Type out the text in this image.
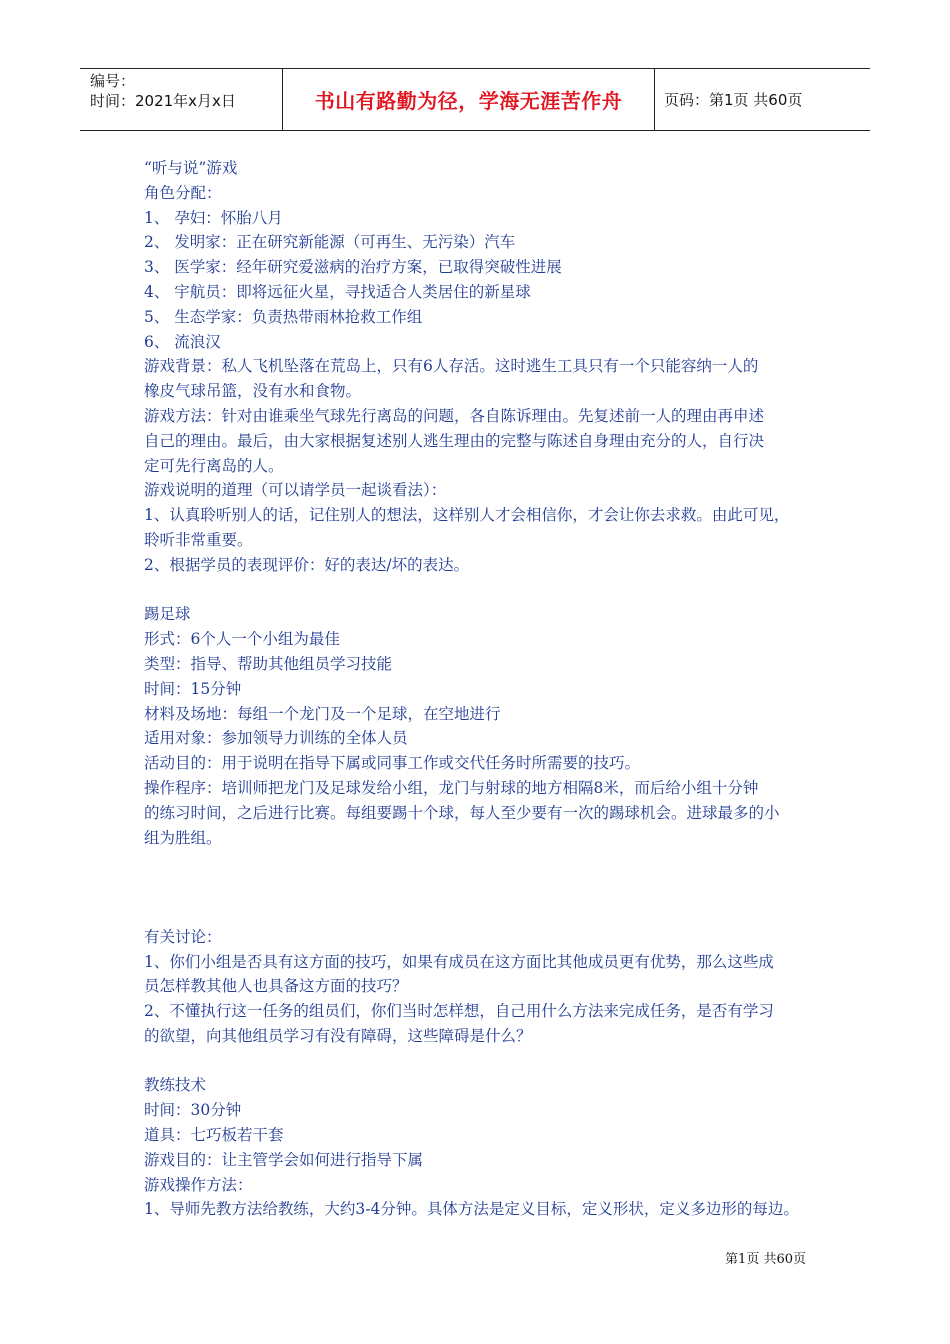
编号：
时间：2021年x月x日	书山有路勤为径，学海无涯苦作舟	页码：第1页 共60页
“听与说”游戏
角色分配：
1、 孕妇：怀胎八月
2、 发明家：正在研究新能源（可再生、无污染）汽车
3、 医学家：经年研究爱滋病的治疗方案，已取得突破性进展
4、 宇航员：即将远征火星，寻找适合人类居住的新星球
5、 生态学家：负责热带雨林抢救工作组
6、 流浪汉
游戏背景：私人飞机坠落在荒岛上，只有6人存活。这时逃生工具只有一个只能容纳一人的
橡皮气球吊篮，没有水和食物。
游戏方法：针对由谁乘坐气球先行离岛的问题，各自陈诉理由。先复述前一人的理由再申述
自己的理由。最后，由大家根据复述别人逃生理由的完整与陈述自身理由充分的人，自行决
定可先行离岛的人。
游戏说明的道理（可以请学员一起谈看法）：
1、认真聆听别人的话，记住别人的想法，这样别人才会相信你，才会让你去求救。由此可见，
聆听非常重要。
2、根据学员的表现评价：好的表达/坏的表达。
踢足球
形式：6个人一个小组为最佳
类型：指导、帮助其他组员学习技能
时间：15分钟
材料及场地：每组一个龙门及一个足球，在空地进行
适用对象：参加领导力训练的全体人员
活动目的：用于说明在指导下属或同事工作或交代任务时所需要的技巧。
操作程序：培训师把龙门及足球发给小组，龙门与射球的地方相隔8米，而后给小组十分钟
的练习时间，之后进行比赛。每组要踢十个球，每人至少要有一次的踢球机会。进球最多的小
组为胜组。
有关讨论：
1、你们小组是否具有这方面的技巧，如果有成员在这方面比其他成员更有优势，那么这些成
员怎样教其他人也具备这方面的技巧？
2、不懂执行这一任务的组员们，你们当时怎样想，自己用什么方法来完成任务，是否有学习
的欲望，向其他组员学习有没有障碍，这些障碍是什么？
教练技术
时间：30分钟
道具：七巧板若干套
游戏目的：让主管学会如何进行指导下属
游戏操作方法：
1、导师先教方法给教练，大约3-4分钟。具体方法是定义目标，定义形状，定义多边形的每边。
第1页 共60页
